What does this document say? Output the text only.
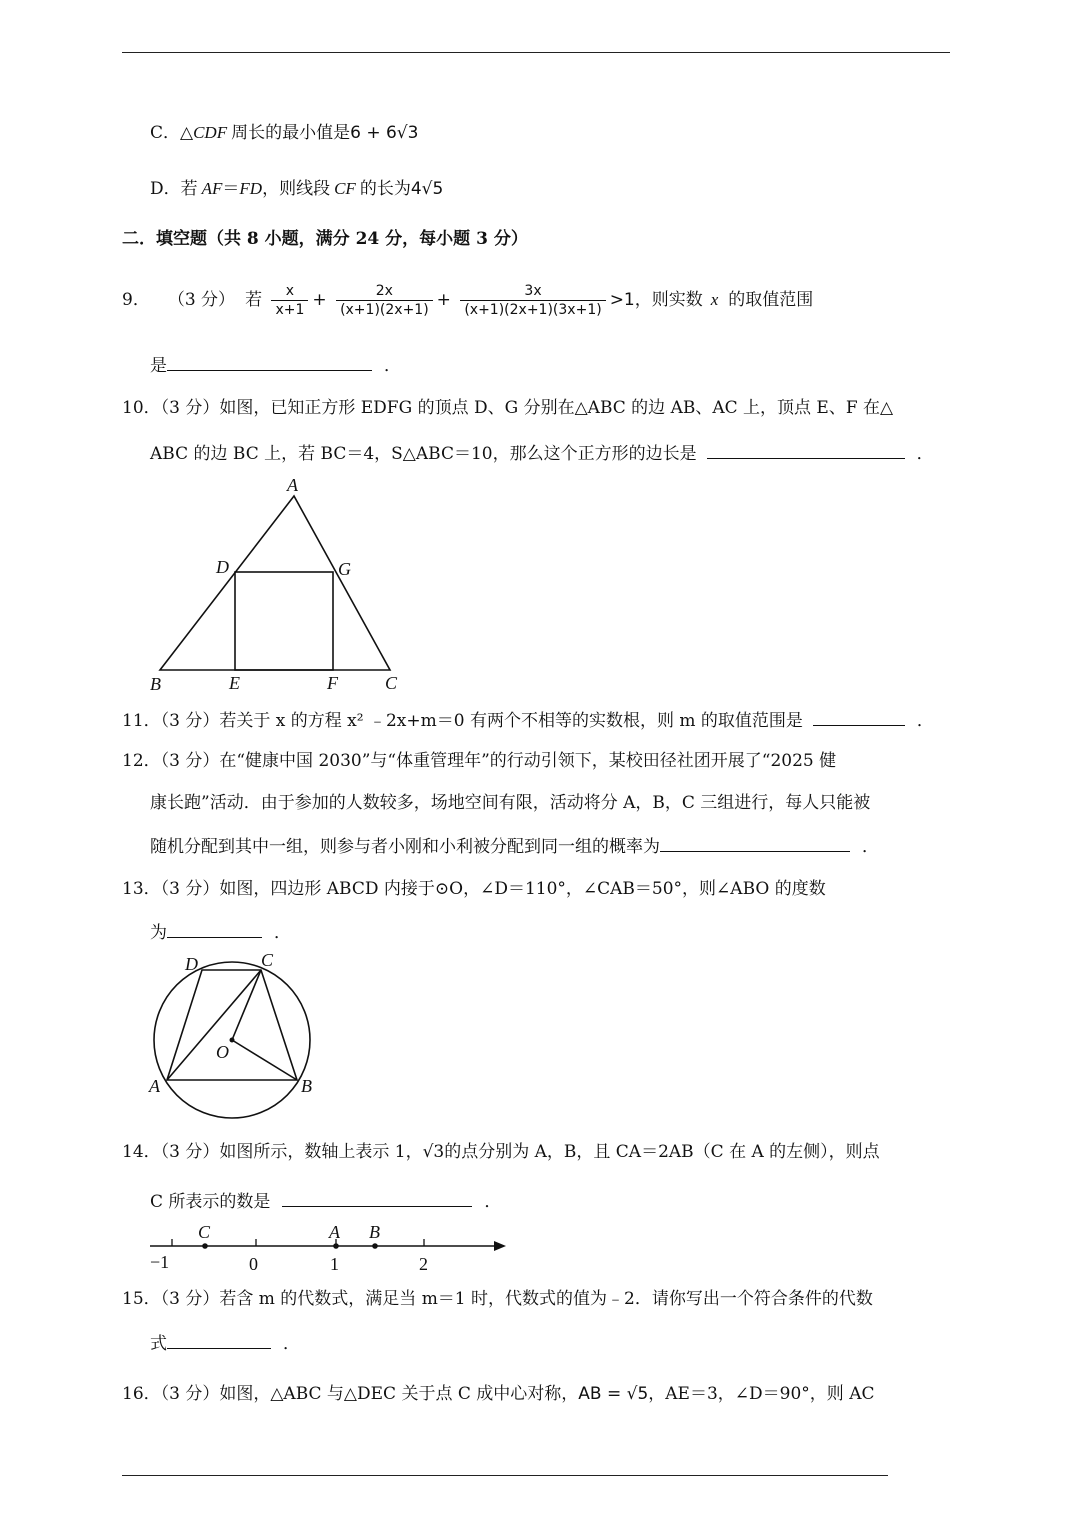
C．△CDF 周长的最小值是6 + 6√3
D．若 AF＝FD，则线段 CF 的长为4√5
二．填空题（共 8 小题，满分 24 分，每小题 3 分）
9． （3 分） 若 $\frac{x}{x+1} + \frac{2x}{(x+1)(2x+1)} + \frac{3x}{(x+1)(2x+1)(3x+1)} >1$，则实数 x 的取值范围
是	．
10．（3 分）如图，已知正方形 EDFG 的顶点 D、G 分别在△ABC 的边 AB、AC 上，顶点 E、F 在△
ABC 的边 BC 上，若 BC＝4，S△ABC＝10，那么这个正方形的边长是	．
A
D	G
B	E	F	C
11．（3 分）若关于 x 的方程 x² ﹣2x+m＝0 有两个不相等的实数根，则 m 的取值范围是	．
12．（3 分）在“健康中国 2030”与“体重管理年”的行动引领下，某校田径社团开展了“2025 健
康长跑”活动．由于参加的人数较多，场地空间有限，活动将分 A，B，C 三组进行，每人只能被
随机分配到其中一组，则参与者小刚和小利被分配到同一组的概率为	．
13．（3 分）如图，四边形 ABCD 内接于⊙O，∠D＝110°，∠CAB＝50°，则∠ABO 的度数
为	．
D	C
O
A	B
14．（3 分）如图所示，数轴上表示 1，√3的点分别为 A，B，且 CA＝2AB（C 在 A 的左侧），则点
C 所表示的数是	．
C	A B
−1	0	1	2
15．（3 分）若含 m 的代数式，满足当 m＝1 时，代数式的值为﹣2．请你写出一个符合条件的代数
式	．
16．（3 分）如图，△ABC 与△DEC 关于点 C 成中心对称，AB = √5，AE＝3，∠D＝90°，则 AC
